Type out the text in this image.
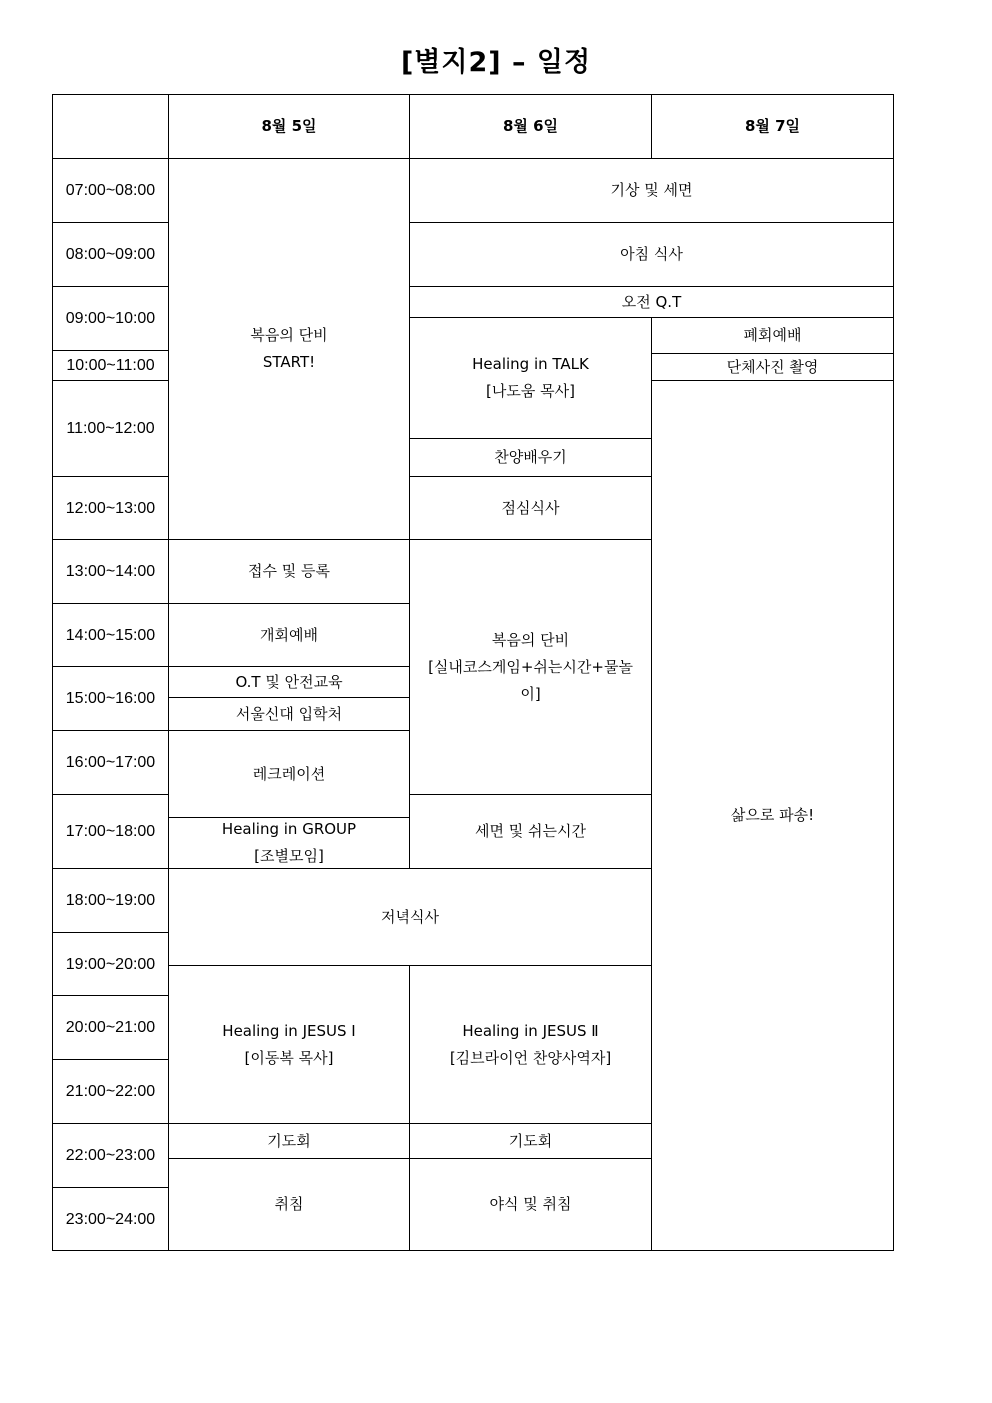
[별지2] – 일정
8월 5일	8월 6일	8월 7일
07:00~08:00
08:00~09:00
09:00~10:00
10:00~11:00
11:00~12:00
12:00~13:00
13:00~14:00
14:00~15:00
15:00~16:00
16:00~17:00
17:00~18:00
18:00~19:00
19:00~20:00
20:00~21:00
21:00~22:00
22:00~23:00
23:00~24:00
복음의 단비
START!
접수 및 등록
개회예배
O.T 및 안전교육
서울신대 입학처
레크레이션
Healing in GROUP
[조별모임]
Healing in JESUS I
[이동복 목사]
기도회
취침
기상 및 세면
아침 식사
오전 Q.T
저녁식사
Healing in TALK
[나도움 목사]
찬양배우기
점심식사
복음의 단비
[실내코스게임+쉬는시간+물놀
이]
세면 및 쉬는시간
Healing in JESUS Ⅱ
[김브라이언 찬양사역자]
기도회
야식 및 취침
폐회예배
단체사진 촬영
삶으로 파송!
